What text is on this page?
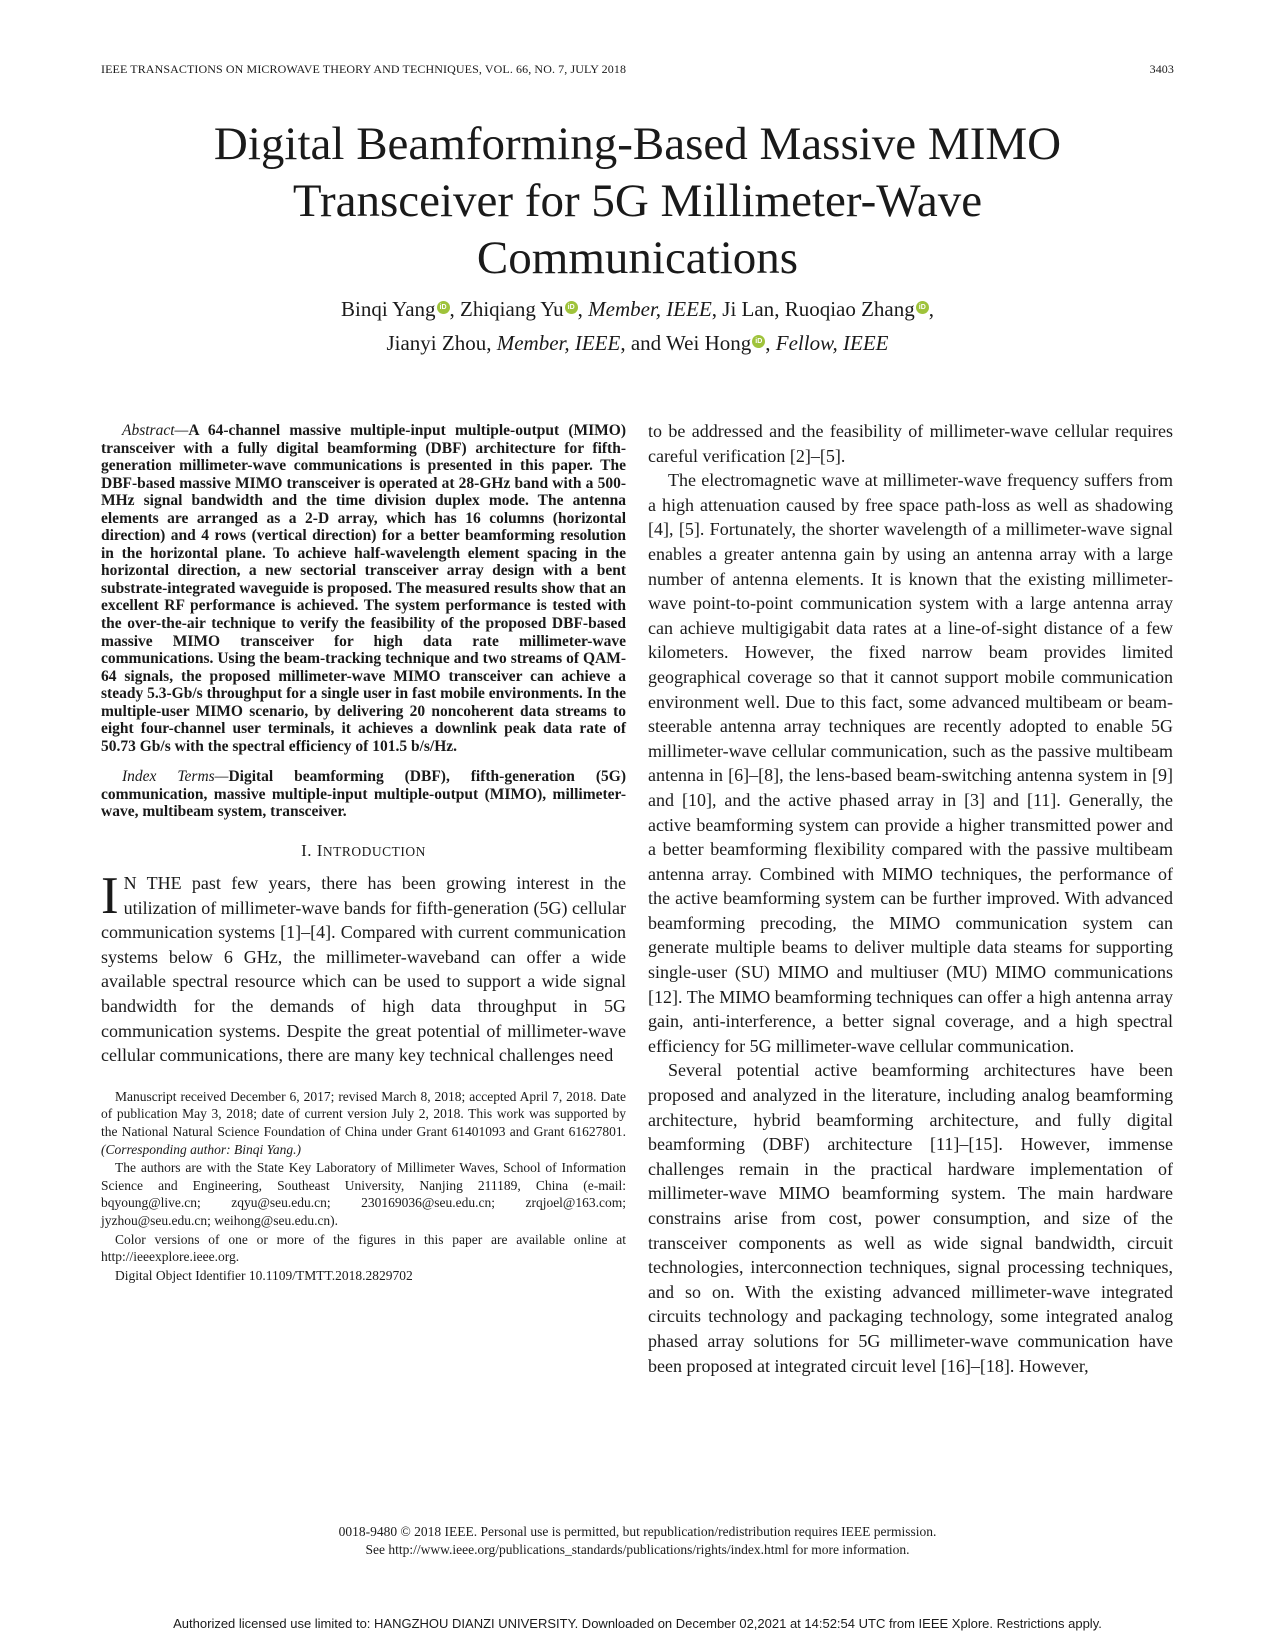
IEEE TRANSACTIONS ON MICROWAVE THEORY AND TECHNIQUES, VOL. 66, NO. 7, JULY 2018	3403
Digital Beamforming-Based Massive MIMO
Transceiver for 5G Millimeter-Wave
Communications
Binqi Yang iD , Zhiqiang Yu iD , Member, IEEE, Ji Lan, Ruoqiao Zhang iD ,
Jianyi Zhou, Member, IEEE, and Wei Hong iD , Fellow, IEEE

Abstract—A 64-channel massive multiple-input multiple-output (MIMO) transceiver with a fully digital beamforming (DBF) architecture for fifth-generation millimeter-wave communications is presented in this paper. The DBF-based massive MIMO transceiver is operated at 28-GHz band with a 500-MHz signal bandwidth and the time division duplex mode. The antenna elements are arranged as a 2-D array, which has 16 columns (horizontal direction) and 4 rows (vertical direction) for a better beamforming resolution in the horizontal plane. To achieve half-wavelength element spacing in the horizontal direction, a new sectorial transceiver array design with a bent substrate-integrated waveguide is proposed. The measured results show that an excellent RF performance is achieved. The system performance is tested with the over-the-air technique to verify the feasibility of the proposed DBF-based massive MIMO transceiver for high data rate millimeter-wave communications. Using the beam-tracking technique and two streams of QAM-64 signals, the proposed millimeter-wave MIMO transceiver can achieve a steady 5.3-Gb/s throughput for a single user in fast mobile environments. In the multiple-user MIMO scenario, by delivering 20 noncoherent data streams to eight four-channel user terminals, it achieves a downlink peak data rate of 50.73 Gb/s with the spectral efficiency of 101.5 b/s/Hz.

Index Terms—Digital beamforming (DBF), fifth-generation (5G) communication, massive multiple-input multiple-output (MIMO), millimeter-wave, multibeam system, transceiver.

I. INTRODUCTION

I N THE past few years, there has been growing interest in the utilization of millimeter-wave bands for fifth-generation (5G) cellular communication systems [1]–[4]. Compared with current communication systems below 6 GHz, the millimeter-waveband can offer a wide available spectral resource which can be used to support a wide signal bandwidth for the demands of high data throughput in 5G communication systems. Despite the great potential of millimeter-wave cellular communications, there are many key technical challenges need

Manuscript received December 6, 2017; revised March 8, 2018; accepted April 7, 2018. Date of publication May 3, 2018; date of current version July 2, 2018. This work was supported by the National Natural Science Foundation of China under Grant 61401093 and Grant 61627801. (Corresponding author: Binqi Yang.)

The authors are with the State Key Laboratory of Millimeter Waves, School of Information Science and Engineering, Southeast University, Nanjing 211189, China (e-mail: bqyoung@live.cn; zqyu@seu.edu.cn; 230169036@seu.edu.cn; zrqjoel@163.com; jyzhou@seu.edu.cn; weihong@seu.edu.cn).

Color versions of one or more of the figures in this paper are available online at http://ieeexplore.ieee.org.

Digital Object Identifier 10.1109/TMTT.2018.2829702

to be addressed and the feasibility of millimeter-wave cellular requires careful verification [2]–[5].

The electromagnetic wave at millimeter-wave frequency suffers from a high attenuation caused by free space path-loss as well as shadowing [4], [5]. Fortunately, the shorter wavelength of a millimeter-wave signal enables a greater antenna gain by using an antenna array with a large number of antenna elements. It is known that the existing millimeter-wave point-to-point communication system with a large antenna array can achieve multigigabit data rates at a line-of-sight distance of a few kilometers. However, the fixed narrow beam provides limited geographical coverage so that it cannot support mobile communication environment well. Due to this fact, some advanced multibeam or beam-steerable antenna array techniques are recently adopted to enable 5G millimeter-wave cellular communication, such as the passive multibeam antenna in [6]–[8], the lens-based beam-switching antenna system in [9] and [10], and the active phased array in [3] and [11]. Generally, the active beamforming system can provide a higher transmitted power and a better beamforming flexibility compared with the passive multibeam antenna array. Combined with MIMO techniques, the performance of the active beamforming system can be further improved. With advanced beamforming precoding, the MIMO communication system can generate multiple beams to deliver multiple data steams for supporting single-user (SU) MIMO and multiuser (MU) MIMO communications [12]. The MIMO beamforming techniques can offer a high antenna array gain, anti-interference, a better signal coverage, and a high spectral efficiency for 5G millimeter-wave cellular communication.

Several potential active beamforming architectures have been proposed and analyzed in the literature, including analog beamforming architecture, hybrid beamforming architecture, and fully digital beamforming (DBF) architecture [11]–[15]. However, immense challenges remain in the practical hardware implementation of millimeter-wave MIMO beamforming system. The main hardware constrains arise from cost, power consumption, and size of the transceiver components as well as wide signal bandwidth, circuit technologies, interconnection techniques, signal processing techniques, and so on. With the existing advanced millimeter-wave integrated circuits technology and packaging technology, some integrated analog phased array solutions for 5G millimeter-wave communication have been proposed at integrated circuit level [16]–[18]. However,

0018-9480 © 2018 IEEE. Personal use is permitted, but republication/redistribution requires IEEE permission.
See http://www.ieee.org/publications_standards/publications/rights/index.html for more information.
Authorized licensed use limited to: HANGZHOU DIANZI UNIVERSITY. Downloaded on December 02,2021 at 14:52:54 UTC from IEEE Xplore. Restrictions apply.
